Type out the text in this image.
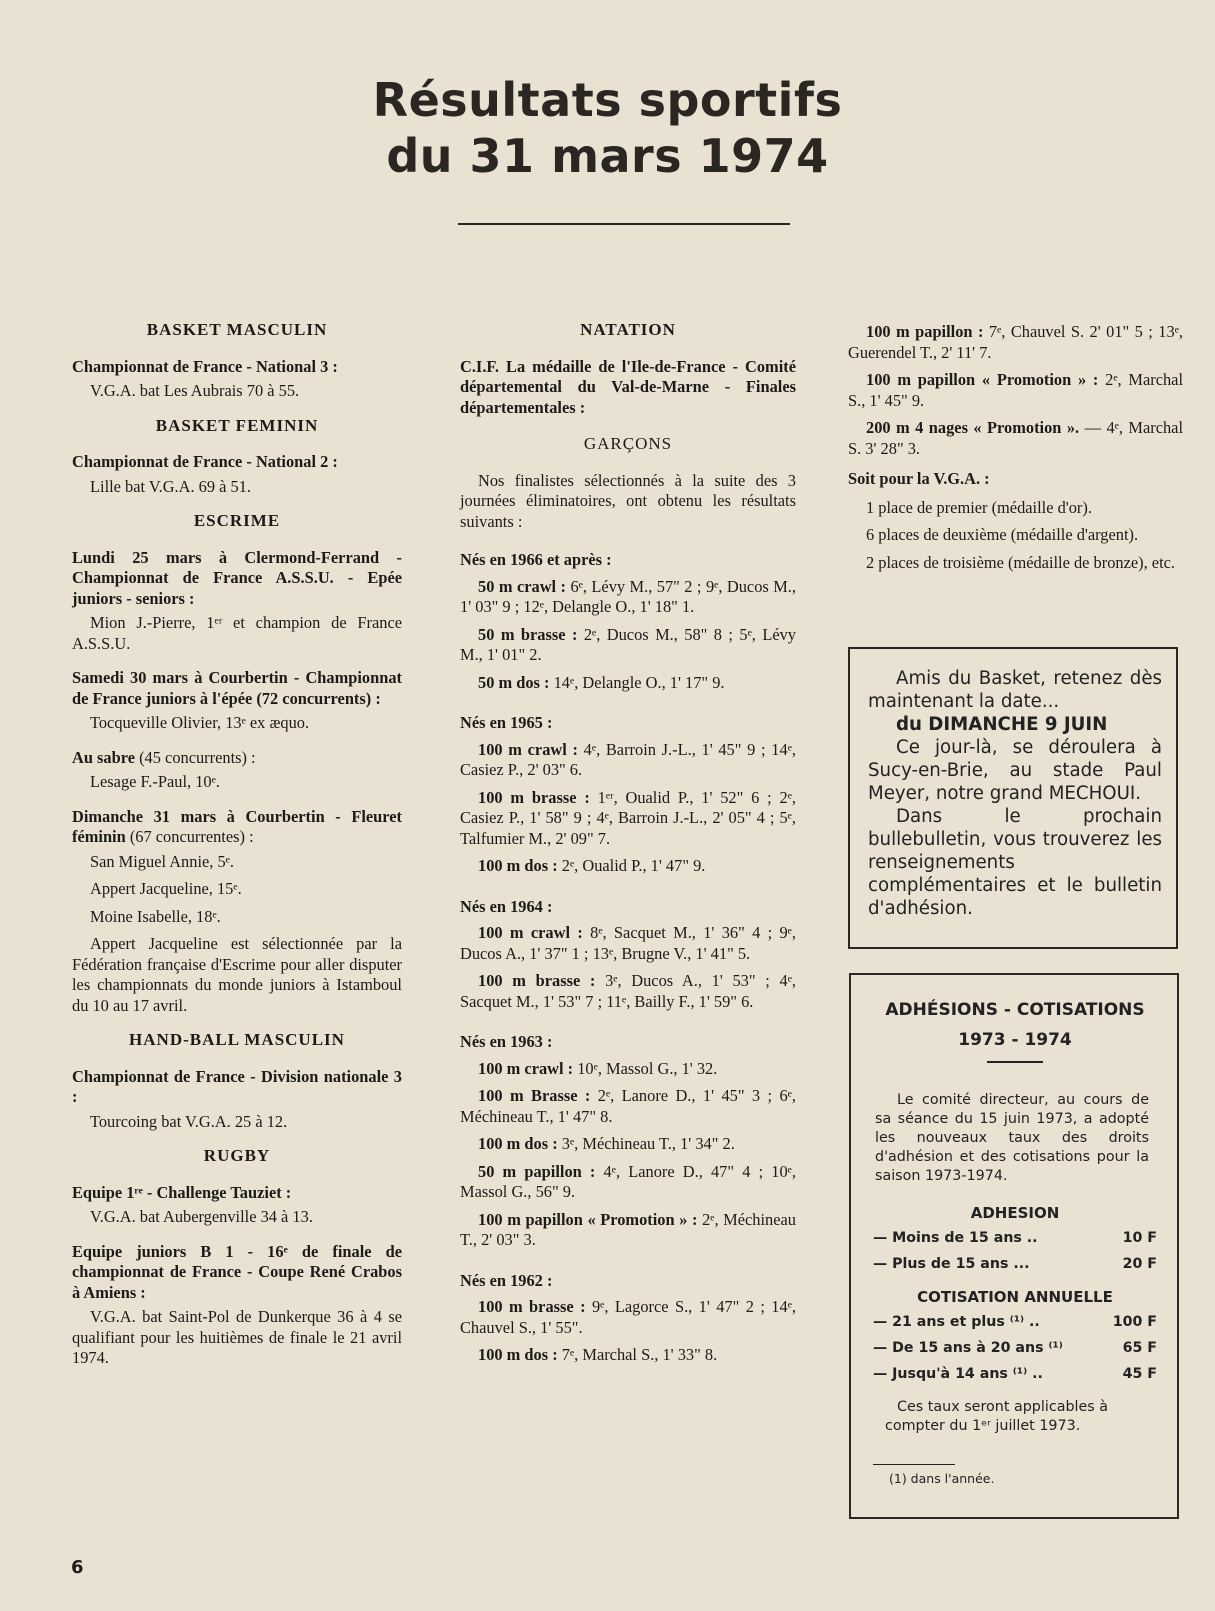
Résultats sportifs
du 31 mars 1974
BASKET MASCULIN
Championnat de France - National 3 :
V.G.A. bat Les Aubrais 70 à 55.
BASKET FEMININ
Championnat de France - National 2 :
Lille bat V.G.A. 69 à 51.
ESCRIME
Lundi 25 mars à Clermond-Ferrand - Championnat de France A.S.S.U. - Epée juniors - seniors :
Mion J.-Pierre, 1ᵉʳ et champion de France A.S.S.U.
Samedi 30 mars à Courbertin - Championnat de France juniors à l'épée (72 concurrents) :
Tocqueville Olivier, 13ᵉ ex æquo.
Au sabre (45 concurrents) :
Lesage F.-Paul, 10ᵉ.
Dimanche 31 mars à Courbertin - Fleuret féminin (67 concurrentes) :
San Miguel Annie, 5ᵉ.
Appert Jacqueline, 15ᵉ.
Moine Isabelle, 18ᵉ.
Appert Jacqueline est sélectionnée par la Fédération française d'Escrime pour aller disputer les championnats du monde juniors à Istamboul du 10 au 17 avril.
HAND-BALL MASCULIN
Championnat de France - Division nationale 3 :
Tourcoing bat V.G.A. 25 à 12.
RUGBY
Equipe 1ʳᵉ - Challenge Tauziet :
V.G.A. bat Aubergenville 34 à 13.
Equipe juniors B 1 - 16ᵉ de finale de championnat de France - Coupe René Crabos à Amiens :
V.G.A. bat Saint-Pol de Dunkerque 36 à 4 se qualifiant pour les huitièmes de finale le 21 avril 1974.
NATATION
C.I.F. La médaille de l'Ile-de-France - Comité départemental du Val-de-Marne - Finales départementales :
GARÇONS
Nos finalistes sélectionnés à la suite des 3 journées éliminatoires, ont obtenu les résultats suivants :
Nés en 1966 et après :
50 m crawl : 6ᵉ, Lévy M., 57" 2 ; 9ᵉ, Ducos M., 1' 03" 9 ; 12ᵉ, Delangle O., 1' 18" 1.
50 m brasse : 2ᵉ, Ducos M., 58" 8 ; 5ᵉ, Lévy M., 1' 01" 2.
50 m dos : 14ᵉ, Delangle O., 1' 17" 9.
Nés en 1965 :
100 m crawl : 4ᵉ, Barroin J.-L., 1' 45" 9 ; 14ᵉ, Casiez P., 2' 03" 6.
100 m brasse : 1ᵉʳ, Oualid P., 1' 52" 6 ; 2ᵉ, Casiez P., 1' 58" 9 ; 4ᵉ, Barroin J.-L., 2' 05" 4 ; 5ᵉ, Talfumier M., 2' 09" 7.
100 m dos : 2ᵉ, Oualid P., 1' 47" 9.
Nés en 1964 :
100 m crawl : 8ᵉ, Sacquet M., 1' 36" 4 ; 9ᵉ, Ducos A., 1' 37" 1 ; 13ᵉ, Brugne V., 1' 41" 5.
100 m brasse : 3ᵉ, Ducos A., 1' 53" ; 4ᵉ, Sacquet M., 1' 53" 7 ; 11ᵉ, Bailly F., 1' 59" 6.
Nés en 1963 :
100 m crawl : 10ᵉ, Massol G., 1' 32.
100 m Brasse : 2ᵉ, Lanore D., 1' 45" 3 ; 6ᵉ, Méchineau T., 1' 47" 8.
100 m dos : 3ᵉ, Méchineau T., 1' 34" 2.
50 m papillon : 4ᵉ, Lanore D., 47" 4 ; 10ᵉ, Massol G., 56" 9.
100 m papillon « Promotion » : 2ᵉ, Méchineau T., 2' 03" 3.
Nés en 1962 :
100 m brasse : 9ᵉ, Lagorce S., 1' 47" 2 ; 14ᵉ, Chauvel S., 1' 55".
100 m dos : 7ᵉ, Marchal S., 1' 33" 8.
100 m papillon : 7ᵉ, Chauvel S. 2' 01" 5 ; 13ᵉ, Guerendel T., 2' 11' 7.
100 m papillon « Promotion » : 2ᵉ, Marchal S., 1' 45" 9.
200 m 4 nages « Promotion ». — 4ᵉ, Marchal S. 3' 28" 3.
Soit pour la V.G.A. :
1 place de premier (médaille d'or).
6 places de deuxième (médaille d'argent).
2 places de troisième (médaille de bronze), etc.
Amis du Basket, retenez dès maintenant la date...
du DIMANCHE 9 JUIN
Ce jour-là, se déroulera à Sucy-en-Brie, au stade Paul Meyer, notre grand MECHOUI.
Dans le prochain bullebulletin, vous trouverez les renseignements complémentaires et le bulletin d'adhésion.
ADHÉSIONS - COTISATIONS
1973 - 1974
Le comité directeur, au cours de sa séance du 15 juin 1973, a adopté les nouveaux taux des droits d'adhésion et des cotisations pour la saison 1973-1974.
ADHESION
— Moins de 15 ans ..	10 F
— Plus de 15 ans ...	20 F
COTISATION ANNUELLE
— 21 ans et plus ⁽¹⁾ ..	100 F
— De 15 ans à 20 ans ⁽¹⁾	65 F
— Jusqu'à 14 ans ⁽¹⁾ ..	45 F
Ces taux seront applicables à
compter du 1ᵉʳ juillet 1973.
(1) dans l'année.
6
